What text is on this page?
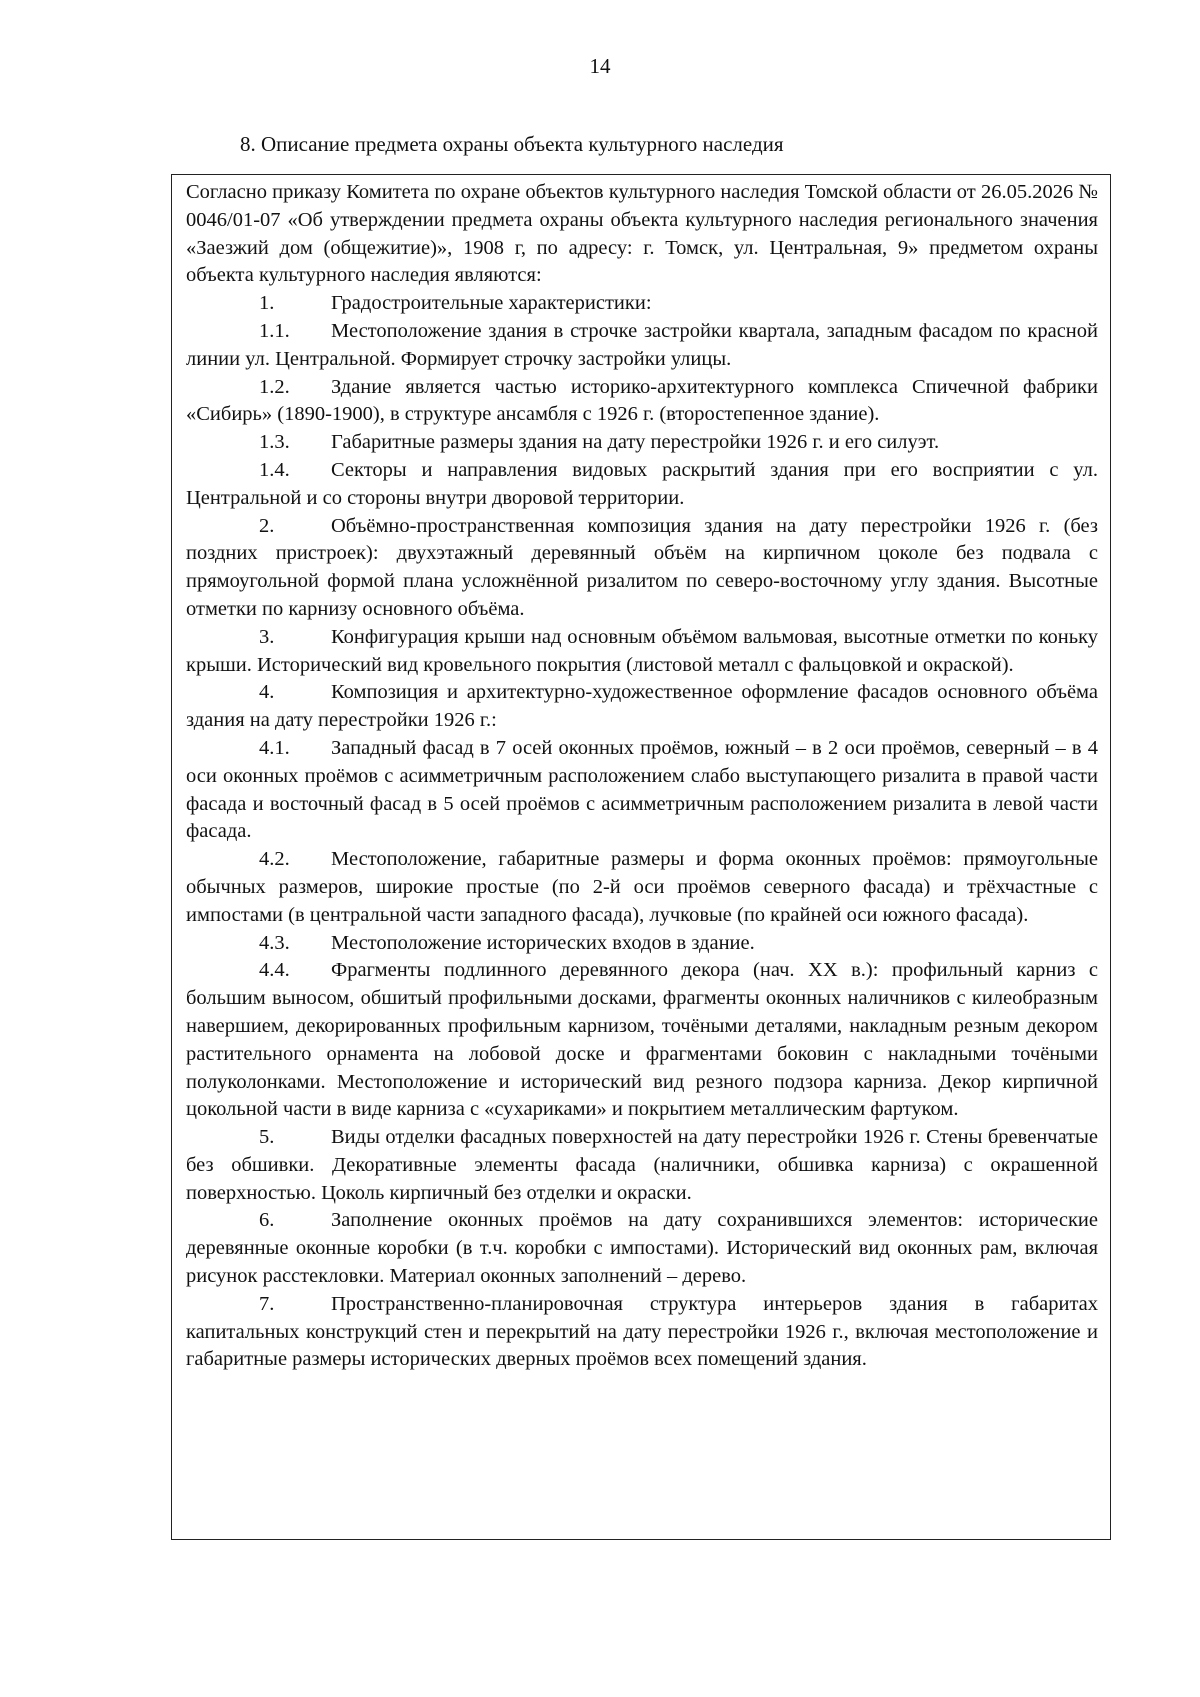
14
8. Описание предмета охраны объекта культурного наследия

Согласно приказу Комитета по охране объектов культурного наследия Томской области от 26.05.2026 № 0046/01-07 «Об утверждении предмета охраны объекта культурного наследия регионального значения «Заезжий дом (общежитие)», 1908 г, по адресу: г. Томск, ул. Центральная, 9» предметом охраны объекта культурного наследия являются:

1.	Градостроительные характеристики:

1.1. Местоположение здания в строчке застройки квартала, западным фасадом по красной линии ул. Центральной. Формирует строчку застройки улицы.

1.2. Здание является частью историко-архитектурного комплекса Спичечной фабрики «Сибирь» (1890-1900), в структуре ансамбля с 1926 г. (второстепенное здание).

1.3. Габаритные размеры здания на дату перестройки 1926 г. и его силуэт.

1.4. Секторы и направления видовых раскрытий здания при его восприятии с ул. Центральной и со стороны внутри дворовой территории.

2.	Объёмно-пространственная композиция здания на дату перестройки 1926 г. (без поздних пристроек): двухэтажный деревянный объём на кирпичном цоколе без подвала с прямоугольной формой плана усложнённой ризалитом по северо-восточному углу здания. Высотные отметки по карнизу основного объёма.

3.	Конфигурация крыши над основным объёмом вальмовая, высотные отметки по коньку крыши. Исторический вид кровельного покрытия (листовой металл с фальцовкой и окраской).

4.	Композиция и архитектурно-художественное оформление фасадов основного объёма здания на дату перестройки 1926 г.:

4.1. Западный фасад в 7 осей оконных проёмов, южный – в 2 оси проёмов, северный – в 4 оси оконных проёмов с асимметричным расположением слабо выступающего ризалита в правой части фасада и восточный фасад в 5 осей проёмов с асимметричным расположением ризалита в левой части фасада.

4.2. Местоположение, габаритные размеры и форма оконных проёмов: прямоугольные обычных размеров, широкие простые (по 2-й оси проёмов северного фасада) и трёхчастные с импостами (в центральной части западного фасада), лучковые (по крайней оси южного фасада).

4.3. Местоположение исторических входов в здание.

4.4. Фрагменты подлинного деревянного декора (нач. XX в.): профильный карниз с большим выносом, обшитый профильными досками, фрагменты оконных наличников с килеобразным навершием, декорированных профильным карнизом, точёными деталями, накладным резным декором растительного орнамента на лобовой доске и фрагментами боковин с накладными точёными полуколонками. Местоположение и исторический вид резного подзора карниза. Декор кирпичной цокольной части в виде карниза с «сухариками» и покрытием металлическим фартуком.

5.	Виды отделки фасадных поверхностей на дату перестройки 1926 г. Стены бревенчатые без обшивки. Декоративные элементы фасада (наличники, обшивка карниза) с окрашенной поверхностью. Цоколь кирпичный без отделки и окраски.

6.	Заполнение оконных проёмов на дату сохранившихся элементов: исторические деревянные оконные коробки (в т.ч. коробки с импостами). Исторический вид оконных рам, включая рисунок расстекловки. Материал оконных заполнений – дерево.

7.	Пространственно-планировочная структура интерьеров здания в габаритах капитальных конструкций стен и перекрытий на дату перестройки 1926 г., включая местоположение и габаритные размеры исторических дверных проёмов всех помещений здания.
